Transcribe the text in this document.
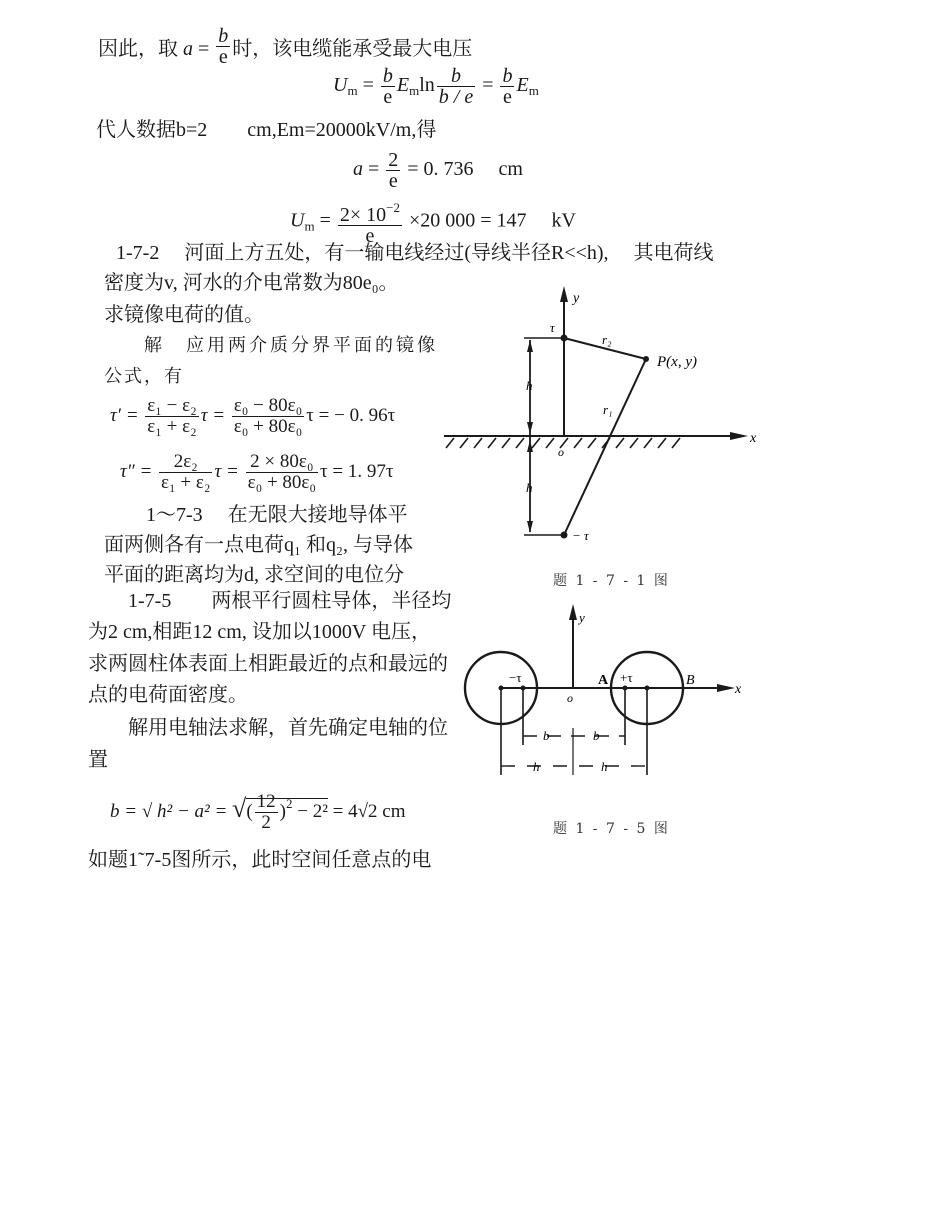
因此，取 $a = \frac{b}{e}$ 时，该电缆能承受最大电压
$U_m = \frac{b}{e} E_m\ln \frac{b}{b / e} = \frac{b}{e} E_m$
代人数据b=2　　cm,Em=20000kV/m,得
$a = \frac{2}{e} = 0$. 736　 cm
$U_m = \frac{2\times 10^{-2}}{e} \times 20$ 000 = 147　 kV
1-7-2　 河面上方五处，有一输电线经过(导线半径R<<h),　 其电荷线
密度为v, 河水的介电常数为80e₀。
求镜像电荷的值。
解　应用两介质分界平面的镜像
公式，有
$\tau' = \frac{\text{ε₁ − ε₂}}{\text{ε₁ + ε₂}}$ $\tau = \frac{\text{ε₀ − 80ε₀}}{\text{ε₀ + 80ε₀}}$ τ = − 0. 96τ
$\tau'' = \frac{\text{2ε₂}}{\text{ε₁ + ε₂}}$ $\tau = \frac{\text{2 × 80ε₀}}{\text{ε₀ + 80ε₀}}$ τ = 1. 97τ
1～7-3　 在无限大接地导体平
面两侧各有一点电荷q₁ 和q₂, 与导体
平面的距离均为d, 求空间的电位分
1-7-5　　两根平行圆柱导体，半径均
为2 cm,相距12 cm, 设加以1000V 电压，
求两圆柱体表面上相距最近的点和最远的
点的电荷面密度。
解用电轴法求解，首先确定电轴的位
置
b = √ h² − a² = √( $\frac{12}{2} )^2 - 2^2 = 4√2$ cm
如题1˜7-5图所示，此时空间任意点的电
y
x
o
τ
r₂
P(x, y)
r₁
h
h
− τ
题 1 - 7 - 1 图
y
x
o
−τ	+τ
A	B
b	b
h	h
题 1 - 7 - 5 图
